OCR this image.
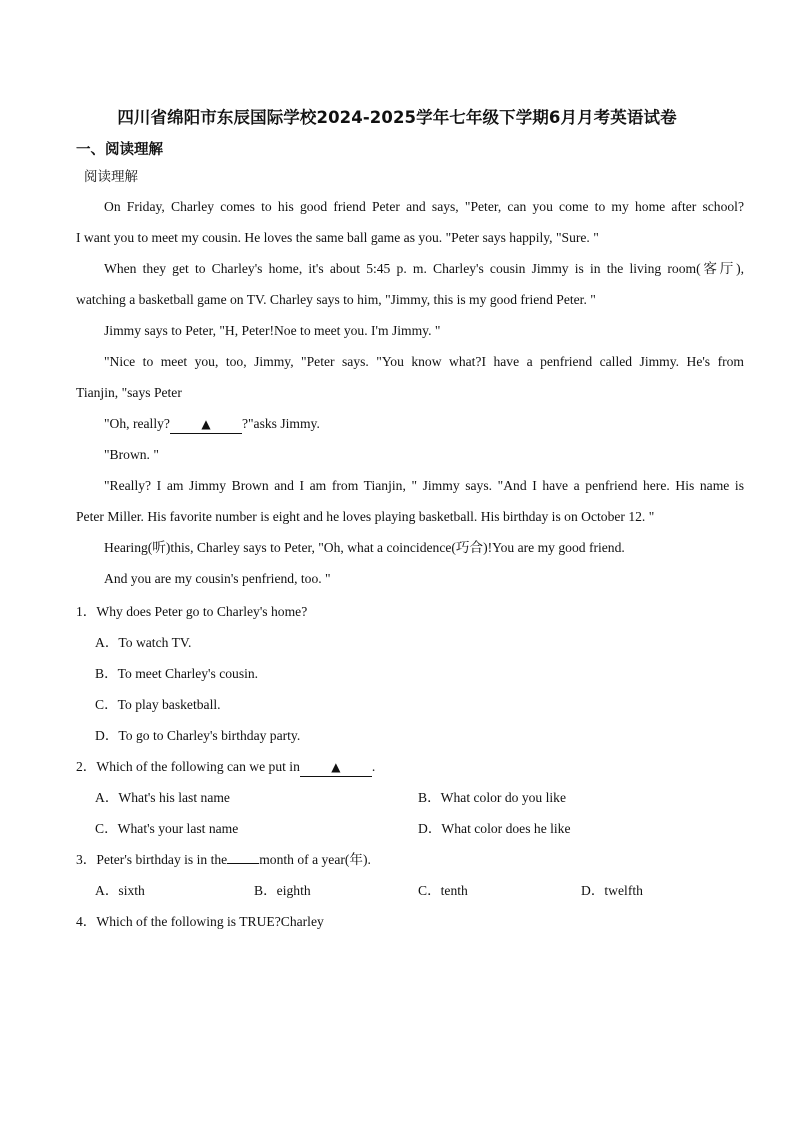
四川省绵阳市东辰国际学校2024-2025学年七年级下学期6月月考英语试卷
一、阅读理解
阅读理解
On Friday, Charley comes to his good friend Peter and says, "Peter, can you come to my home after school?
I want you to meet my cousin. He loves the same ball game as you. "Peter says happily, "Sure. "
When they get to Charley's home, it's about 5:45 p. m. Charley's cousin Jimmy is in the living room(客厅),
watching a basketball game on TV. Charley says to him, "Jimmy, this is my good friend Peter. "
Jimmy says to Peter, "H, Peter!Noe to meet you. I'm Jimmy. "
"Nice to meet you, too, Jimmy, "Peter says. "You know what?I have a penfriend called Jimmy. He's from
Tianjin, "says Peter
"Oh, really?	▲ ?"asks Jimmy.
"Brown. "
"Really? I am Jimmy Brown and I am from Tianjin, " Jimmy says. "And I have a penfriend here. His name is
Peter Miller. His favorite number is eight and he loves playing basketball. His birthday is on October 12. "
Hearing(听)this, Charley says to Peter, "Oh, what a coincidence(巧合)!You are my good friend.
And you are my cousin's penfriend, too. "
1．Why does Peter go to Charley's home?
A．To watch TV.
B．To meet Charley's cousin.
C．To play basketball.
D．To go to Charley's birthday party.
2．Which of the following can we put in	▲ .
A．What's his last name	B．What color do you like
C．What's your last name	D．What color does he like
3．Peter's birthday is in the month of a year(年).
A．sixth	B．eighth	C．tenth	D．twelfth
4．Which of the following is TRUE?Charley
